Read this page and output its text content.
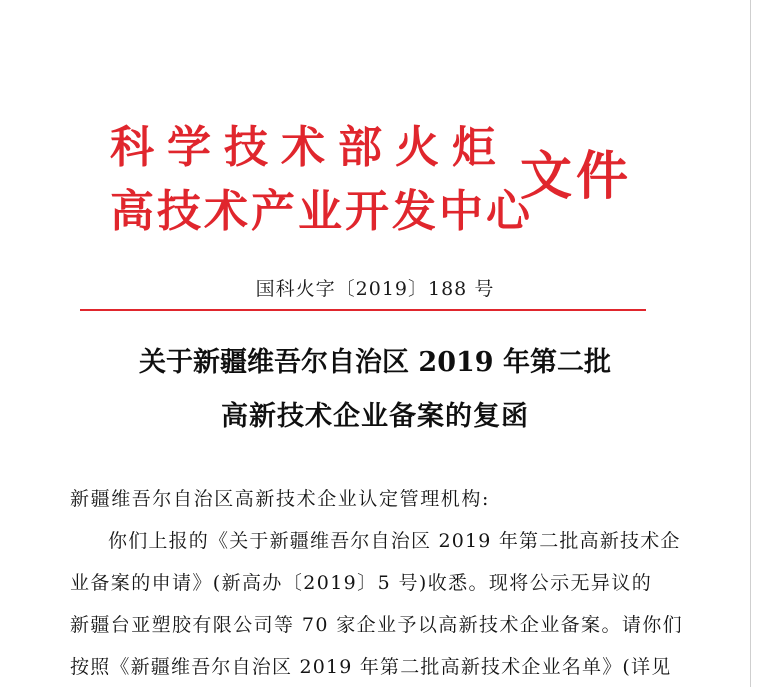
科学技术部火炬
高技术产业开发中心
文件
国科火字〔2019〕188 号
关于新疆维吾尔自治区 2019 年第二批
高新技术企业备案的复函
新疆维吾尔自治区高新技术企业认定管理机构:
你们上报的《关于新疆维吾尔自治区 2019 年第二批高新技术企
业备案的申请》(新高办〔2019〕5 号)收悉。现将公示无异议的
新疆台亚塑胶有限公司等 70 家企业予以高新技术企业备案。请你们
按照《新疆维吾尔自治区 2019 年第二批高新技术企业名单》(详见
